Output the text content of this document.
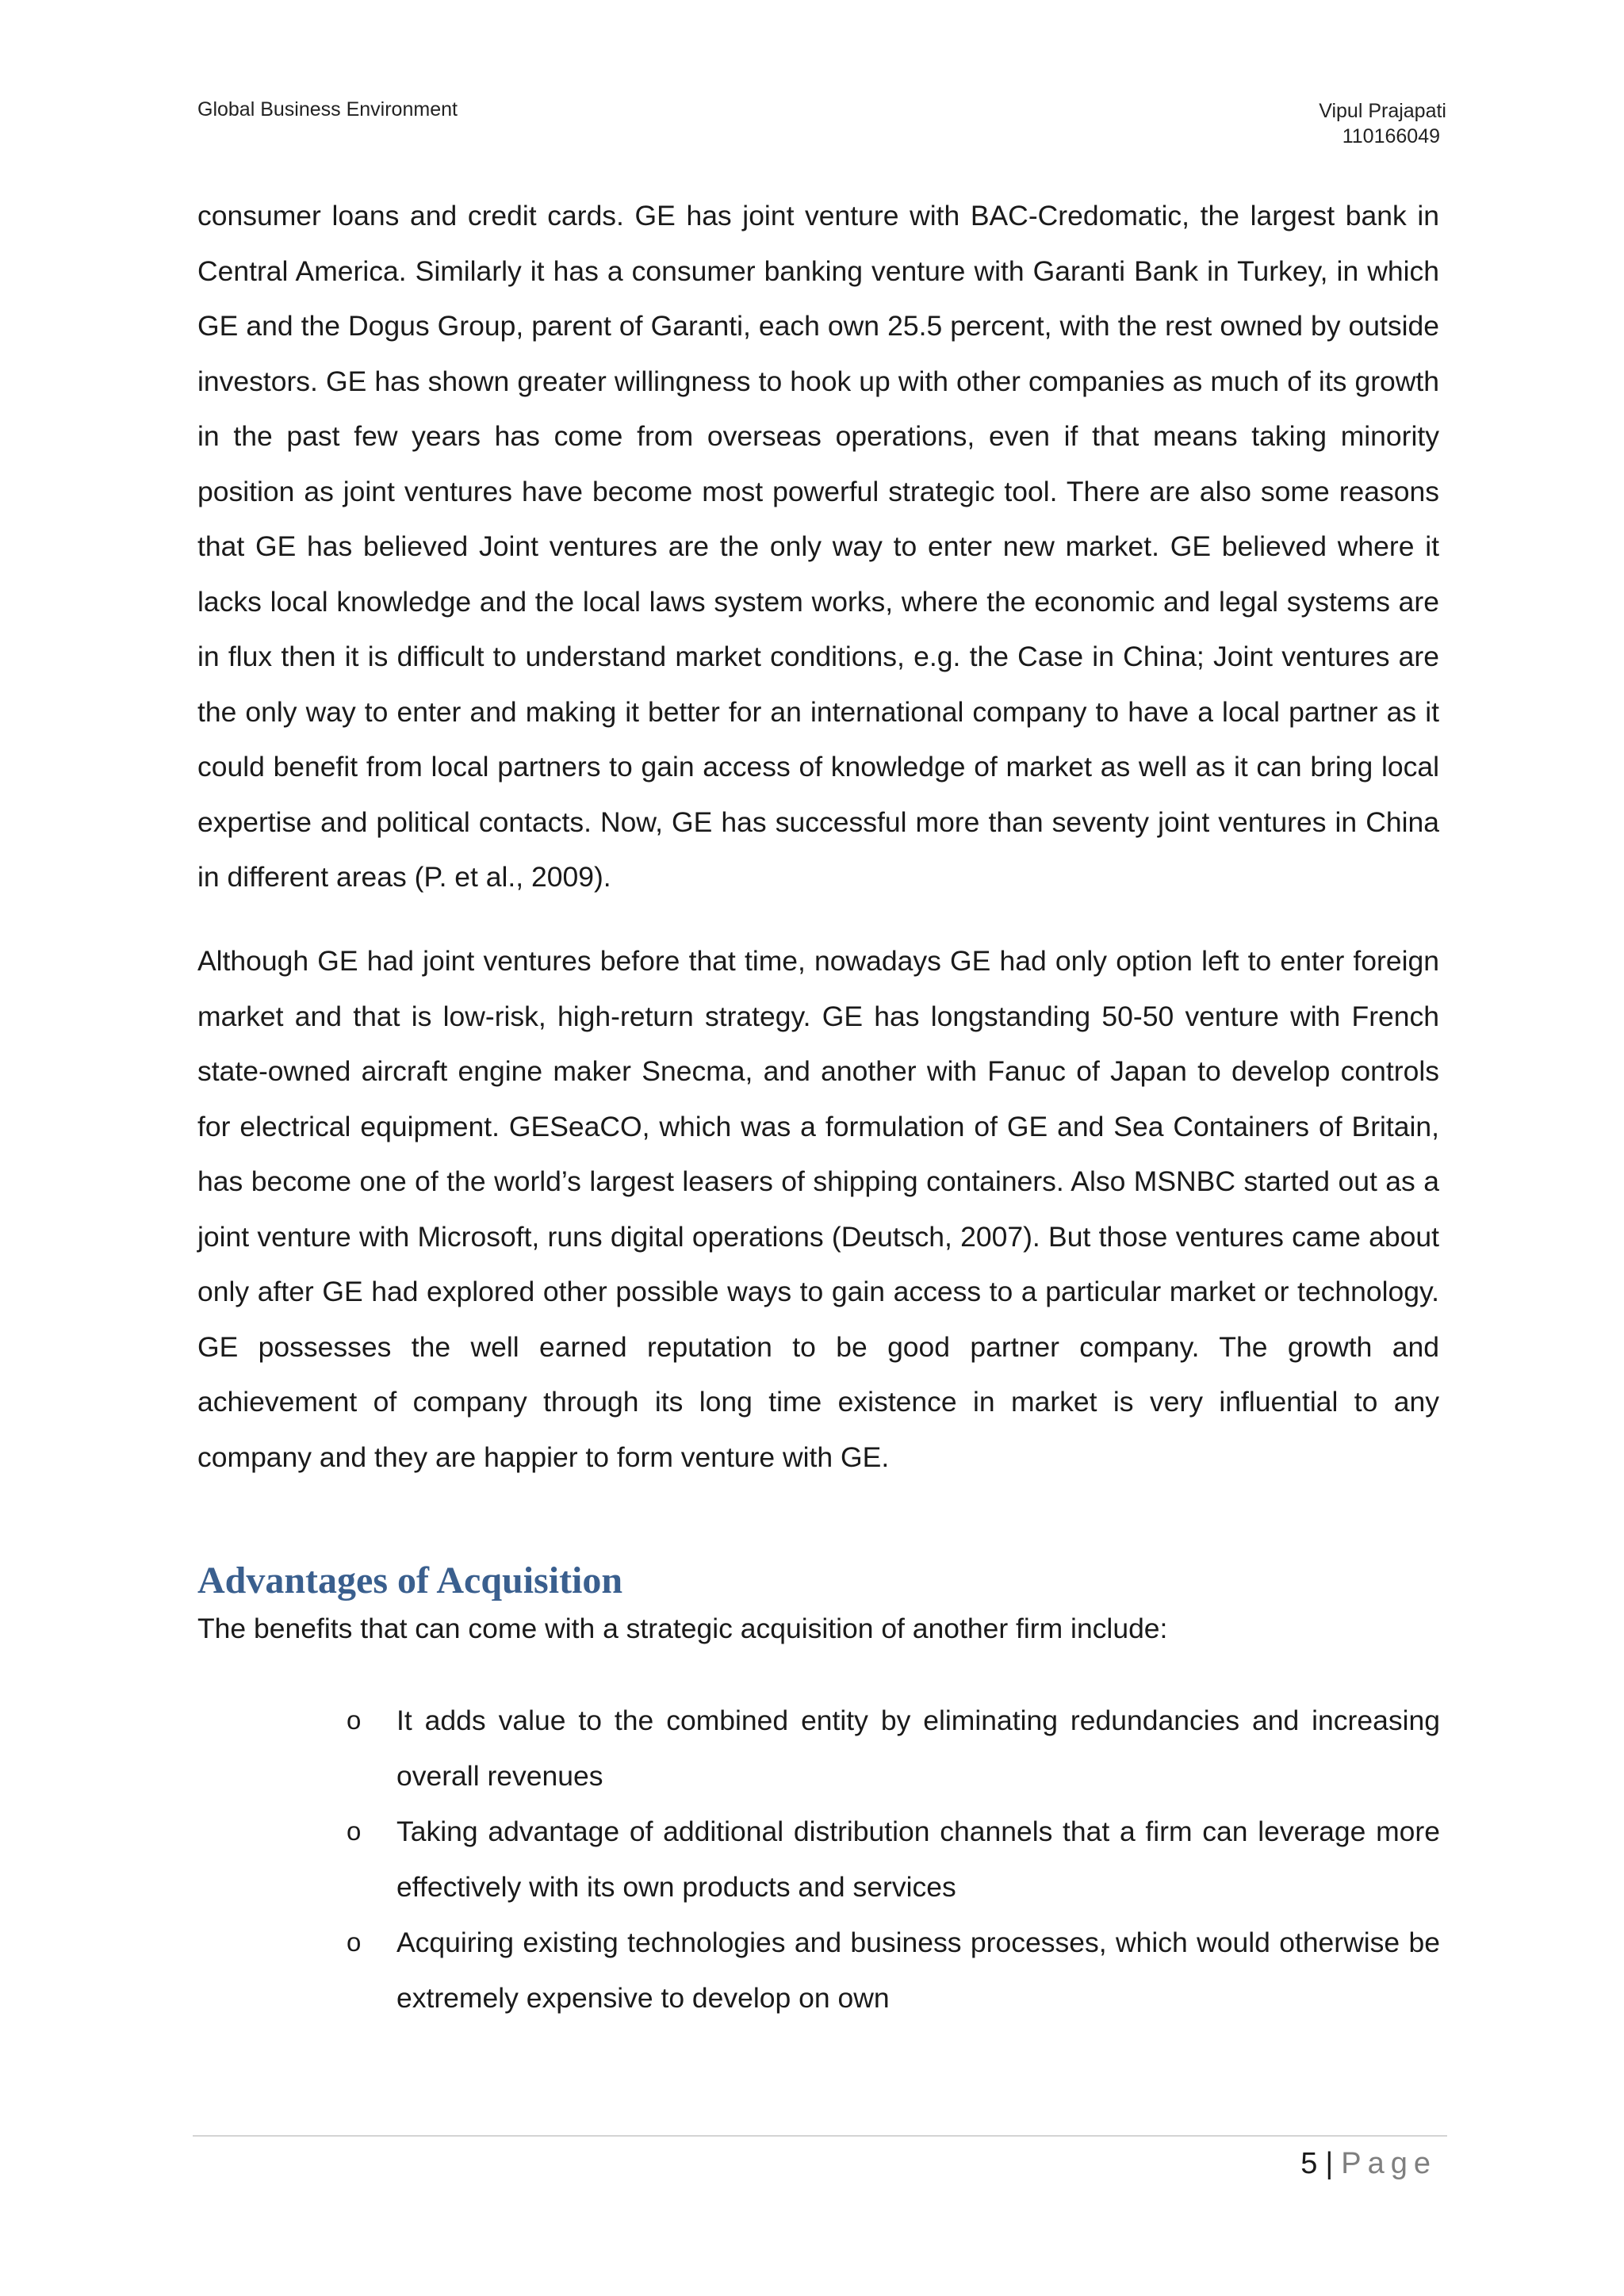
Global Business Environment	Vipul Prajapati
110166049

consumer loans and credit cards. GE has joint venture with BAC-Credomatic, the largest bank in Central America. Similarly it has a consumer banking venture with Garanti Bank in Turkey, in which GE and the Dogus Group, parent of Garanti, each own 25.5 percent, with the rest owned by outside investors. GE has shown greater willingness to hook up with other companies as much of its growth in the past few years has come from overseas operations, even if that means taking minority position as joint ventures have become most powerful strategic tool. There are also some reasons that GE has believed Joint ventures are the only way to enter new market. GE believed where it lacks local knowledge and the local laws system works, where the economic and legal systems are in flux then it is difficult to understand market conditions, e.g. the Case in China; Joint ventures are the only way to enter and making it better for an international company to have a local partner as it could benefit from local partners to gain access of knowledge of market as well as it can bring local expertise and political contacts. Now, GE has successful more than seventy joint ventures in China in different areas (P. et al., 2009).

Although GE had joint ventures before that time, nowadays GE had only option left to enter foreign market and that is low-risk, high-return strategy. GE has longstanding 50-50 venture with French state-owned aircraft engine maker Snecma, and another with Fanuc of Japan to develop controls for electrical equipment. GESeaCO, which was a formulation of GE and Sea Containers of Britain, has become one of the world’s largest leasers of shipping containers. Also MSNBC started out as a joint venture with Microsoft, runs digital operations (Deutsch, 2007). But those ventures came about only after GE had explored other possible ways to gain access to a particular market or technology. GE possesses the well earned reputation to be good partner company. The growth and achievement of company through its long time existence in market is very influential to any company and they are happier to form venture with GE.

Advantages of Acquisition

The benefits that can come with a strategic acquisition of another firm include:

o It adds value to the combined entity by eliminating redundancies and increasing overall revenues
o Taking advantage of additional distribution channels that a firm can leverage more effectively with its own products and services
o Acquiring existing technologies and business processes, which would otherwise be extremely expensive to develop on own
5 | Page
